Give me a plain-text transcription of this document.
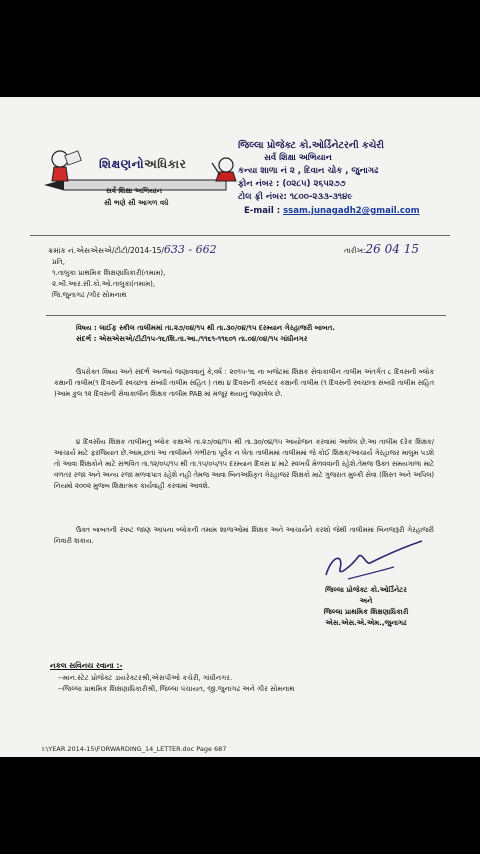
શિક્ષણનોઅધિકાર
સર્વ શિક્ષા અભિયાન
સૌ ભણે સૌ આગળ વધે
જિલ્લા પ્રોજેક્ટ કો.ઓર્ડિનેટરની કચેરી
સર્વ શિક્ષા અભિયાન
કન્યા શાળા નં ૨ , દિવાન ચોક , જુનાગઢ
ફોન નંબર : (૦૨૮૫) ૨૬૫૨૭૭
ટોલ ફ્રી નંબર: ૧૮૦૦-૨૩૩-૩૧૪૯
E-mail : ssam.junagadh2@gmail.com
ક્રમાંક નં.એસએસએ/ટીટી/2014-15/633 - 662	તારીખ:26 04 15
પ્રતિ,
૧.તાલુકા પ્રાથમિક શિક્ષણાધિકારી(તમામ),
૨.બી.આર.સી.કો.ઓ.તાલુકા(તમામ),
જિ.જુનાગઢ /ગીર સોમનાથ
વિષય : લાઈફ સ્કીલ તાલીમમાં તા.૨૭/૦૪/૧૫ થી તા.૩૦/૦૪/૧૫ દરમ્યાન ગેરહાજરી બાબત.
સંદર્ભ : એસએસએ/ટીટી૧૫-૧૬/શિ.તા.આ./૧૧૬૧-૧૧૬૦૧ તા.૦૪/૦૪/૧૫ ગાંધીનગર

ઉપરોક્ત વિષય અને સંદર્ભ અન્વયે જણાવવાનું કે,વર્ષ : ૨૦૧૫-૧૬ ના બજેટમાં શિક્ષક સેવાકાલીન તાલીમ અંતર્ગત ૮ દિવસની બ્લોક કક્ષાની તાલીમ(૧ દિવસની સ્વચ્છતા સંબંધી તાલીમ સહિત ) તથા ૪ દિવસની ક્લસ્ટર કક્ષાની તાલીમ (૧ દિવસની સ્વચ્છતા સંબંધી તાલીમ સહિત )આમ કુલ ૧૨ દિવસની સેવાકાલીન શિક્ષક તાલીમ PAB માં મંજૂર થયાનું જણાવેલ છે.

૪ દિવસીય શિક્ષક તાલીમનું બ્લોક કક્ષાએ તા.૨૭/૦૪/૧૫ થી તા.૩૦/૦૪/૧૫ આયોજન કરવામાં આવેલ છે.આ તાલીમ દરેક શિક્ષક/આચાર્ય માટે ફરજિયાત છે.આમ,છતાં આ તાલીમને ગંભીરતા પૂર્વક ન લેતા તાલીમમાં તાલીમમાં જે કોઈ શિક્ષક/આચાર્ય ગેરહાજર માલુમ પડશે તો આવા શિક્ષકોને માટે સંભવિત તા.૧૨/૦૫/૧૫ થી તા.૧૫/૦૫/૧૫ દરમ્યાન દિવસ ૪ માટે સ્વખર્ચે મેળવવાની રહેશે.તેમજ ઉક્ત સમયગાળા માટે વળતર રજા અને અન્ય રજા મળવાપાત્ર રહેશે નહી તેમજ આવા બિનઅધિકૃત ગેરહાજર શિક્ષકો માટે ગુજરાત મુલ્કી સેવા (શિસ્ત અને અપિલ) નિયમો ૨૦૦૨ મુજબ શિક્ષાત્મક કાર્યવાહી કરવામાં આવશે.

ઉક્ત બાબતની સ્પષ્ટ જાણ આપના બ્લોકની તમામ શાળાઓમાં શિક્ષક અને આચાર્યને કરશો જેથી તાલીમમાં બિનજરૂરી ગેરહાજરી નિવારી શકાય.

જિલ્લા પ્રોજેક્ટ કો.ઓર્ડિનેટર
અને
જિલ્લા પ્રાથમિક શિક્ષણાધિકારી
એસ.એસ.એ.એમ.,જુનાગઢ
નકલ સવિનય રવાના :-
--માન.સ્ટેટ પ્રોજેક્ટ ડાયરેક્ટરશ્રી,એસપીઓ કચેરી, ગાંધીનગર.
--જિલ્લા પ્રાથમિક શિક્ષણાધિકારીશ્રી, જિલ્લા પંચાયત, જી.જુનાગઢ અને ગીર સોમનાથ
I:\YEAR 2014-15\FORWARDING_14_LETTER.doc Page 687
